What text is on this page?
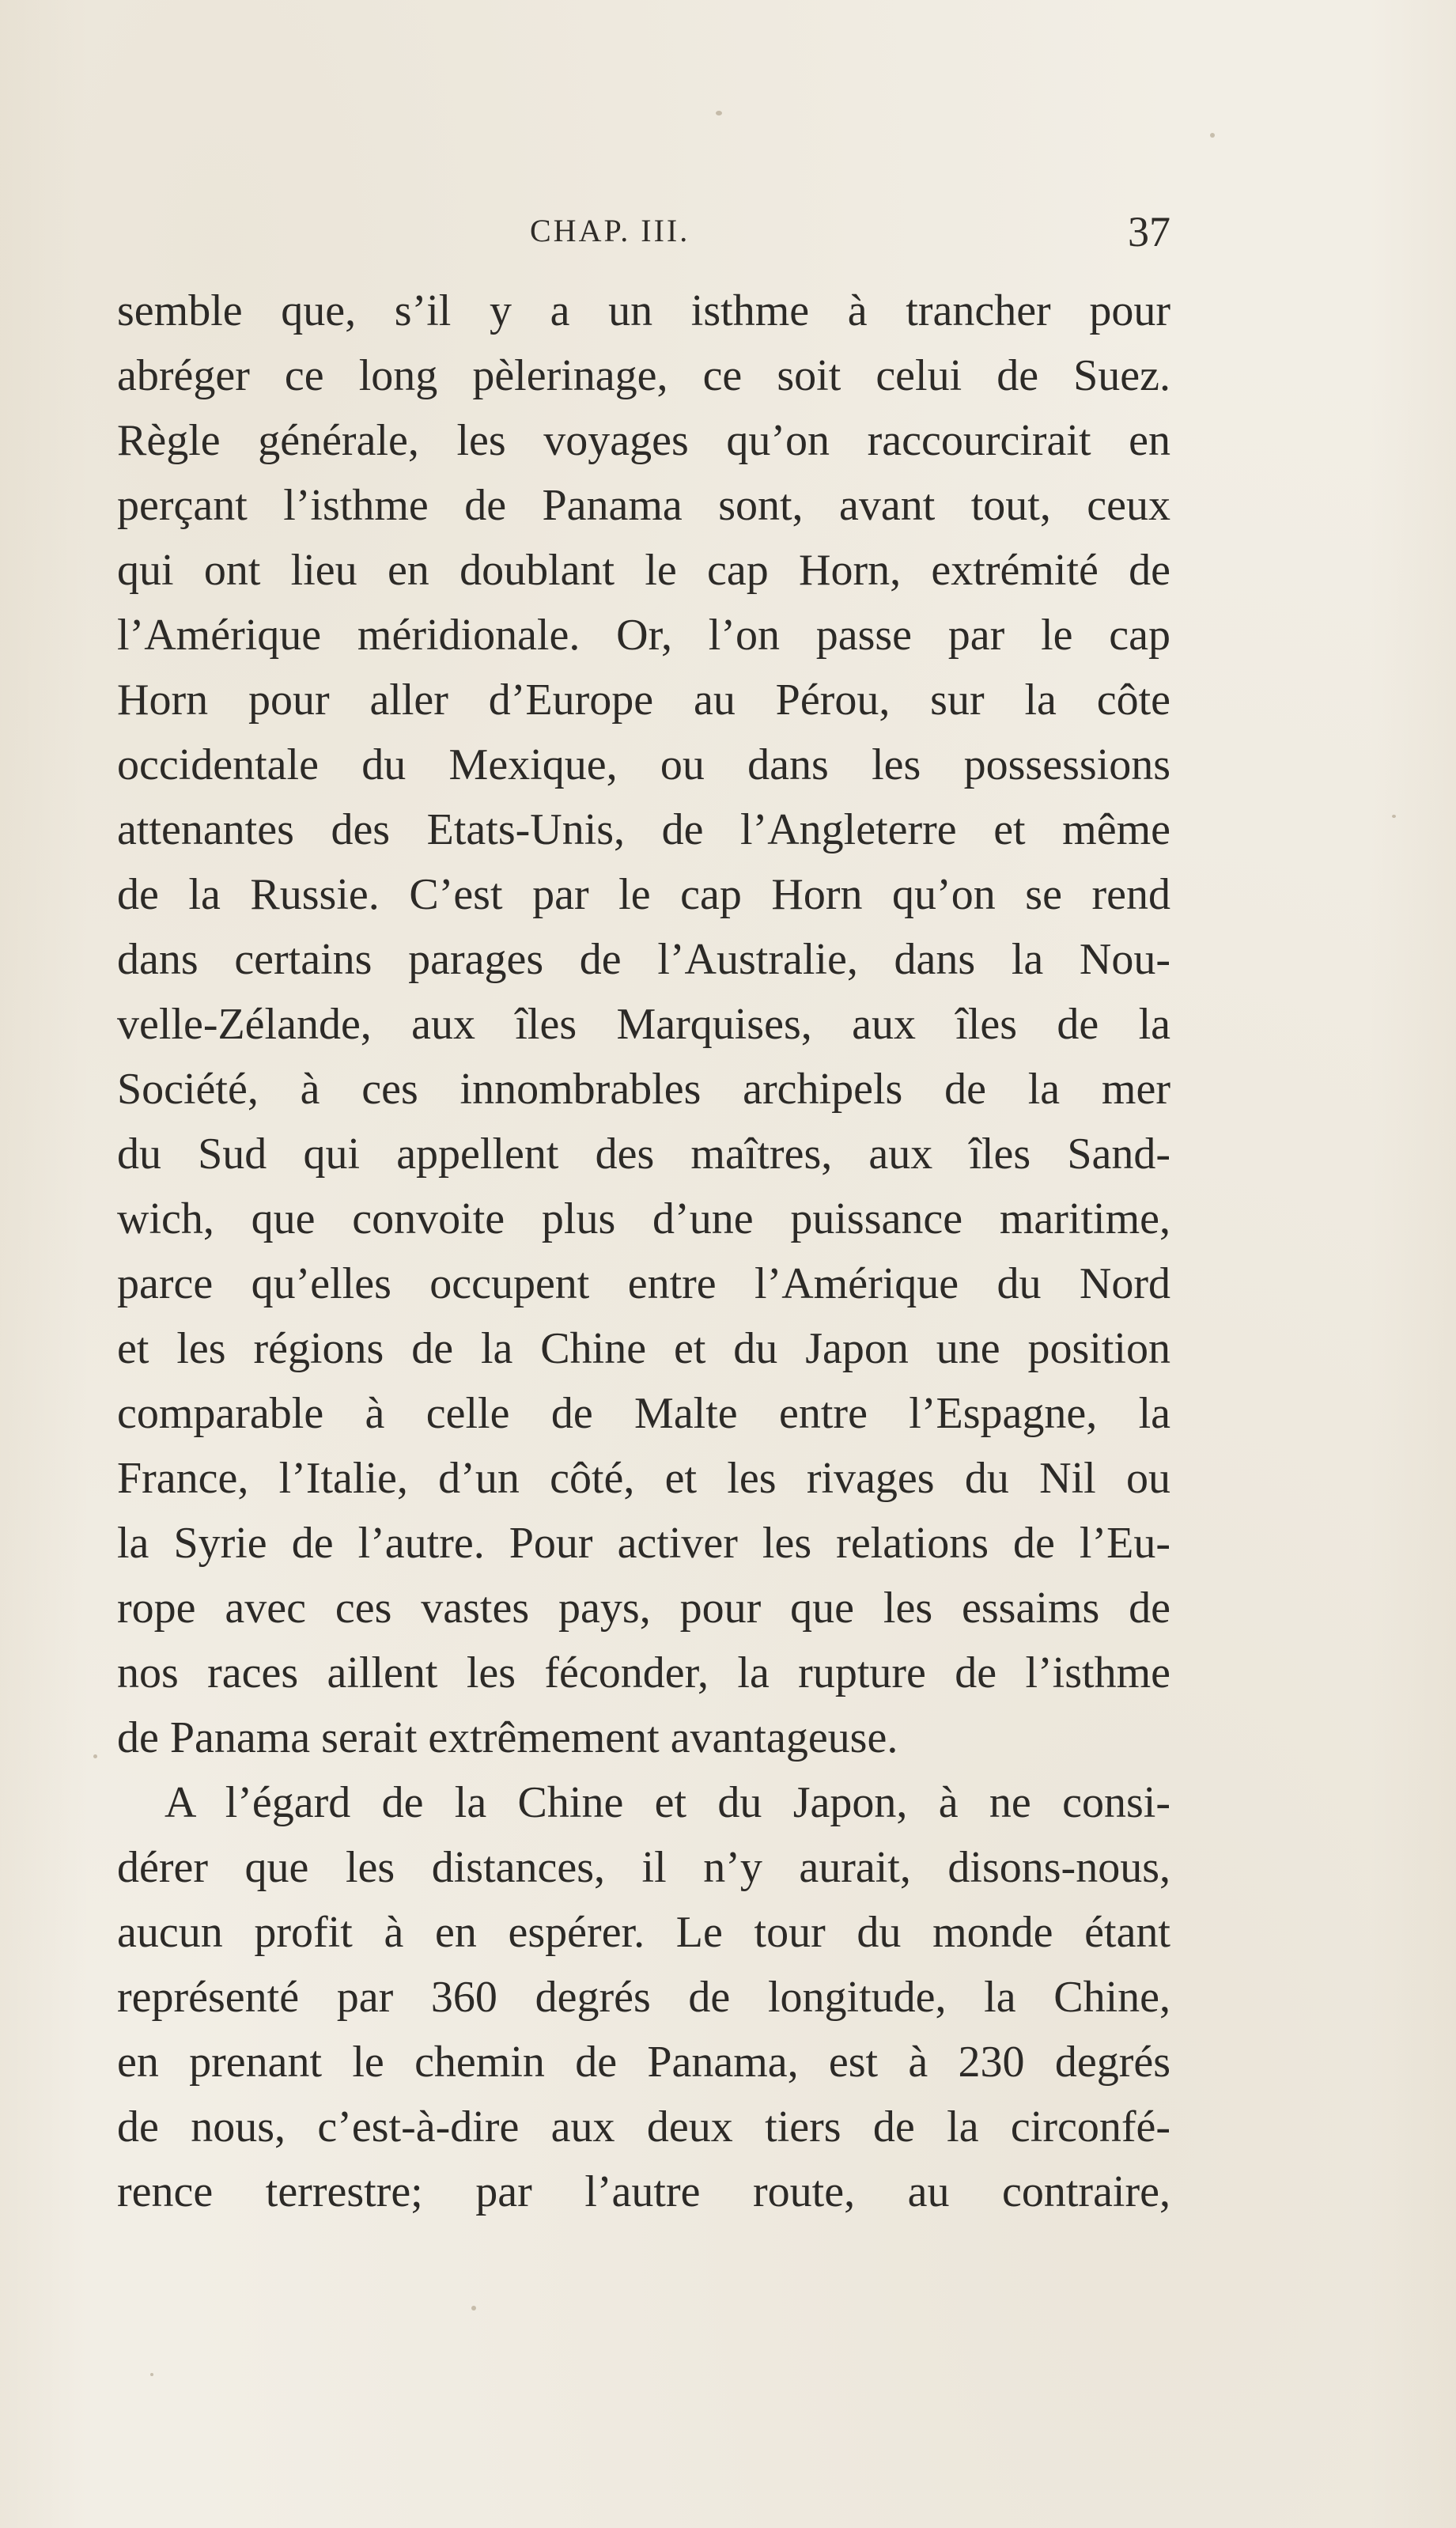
CHAP. III.	37
semble que, s’il y a un isthme à trancher pour
abréger ce long pèlerinage, ce soit celui de Suez.
Règle générale, les voyages qu’on raccourcirait en
perçant l’isthme de Panama sont, avant tout, ceux
qui ont lieu en doublant le cap Horn, extrémité de
l’Amérique méridionale. Or, l’on passe par le cap
Horn pour aller d’Europe au Pérou, sur la côte
occidentale du Mexique, ou dans les possessions
attenantes des Etats-Unis, de l’Angleterre et même
de la Russie. C’est par le cap Horn qu’on se rend
dans certains parages de l’Australie, dans la Nou-
velle-Zélande, aux îles Marquises, aux îles de la
Société, à ces innombrables archipels de la mer
du Sud qui appellent des maîtres, aux îles Sand-
wich, que convoite plus d’une puissance maritime,
parce qu’elles occupent entre l’Amérique du Nord
et les régions de la Chine et du Japon une position
comparable à celle de Malte entre l’Espagne, la
France, l’Italie, d’un côté, et les rivages du Nil ou
la Syrie de l’autre. Pour activer les relations de l’Eu-
rope avec ces vastes pays, pour que les essaims de
nos races aillent les féconder, la rupture de l’isthme
de Panama serait extrêmement avantageuse.
A l’égard de la Chine et du Japon, à ne consi-
dérer que les distances, il n’y aurait, disons-nous,
aucun profit à en espérer. Le tour du monde étant
représenté par 360 degrés de longitude, la Chine,
en prenant le chemin de Panama, est à 230 degrés
de nous, c’est-à-dire aux deux tiers de la circonfé-
rence terrestre; par l’autre route, au contraire,
